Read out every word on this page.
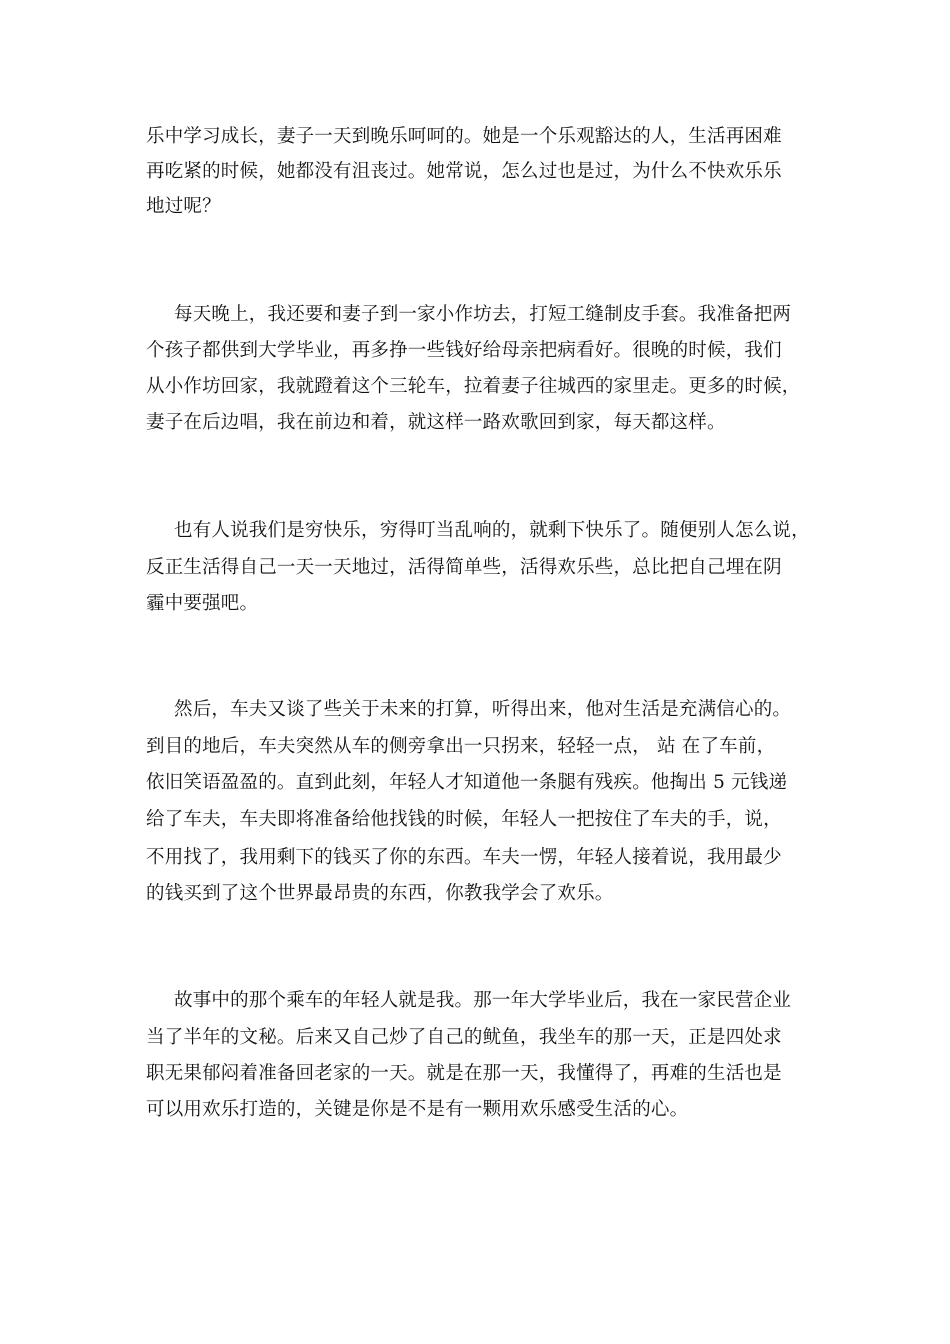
乐中学习成长，妻子一天到晚乐呵呵的。她是一个乐观豁达的人，生活再困难
再吃紧的时候，她都没有沮丧过。她常说，怎么过也是过，为什么不快欢乐乐
地过呢？
每天晚上，我还要和妻子到一家小作坊去，打短工缝制皮手套。我准备把两
个孩子都供到大学毕业，再多挣一些钱好给母亲把病看好。很晚的时候，我们
从小作坊回家，我就蹬着这个三轮车，拉着妻子往城西的家里走。更多的时候，
妻子在后边唱，我在前边和着，就这样一路欢歌回到家，每天都这样。
也有人说我们是穷快乐，穷得叮当乱响的，就剩下快乐了。随便别人怎么说，
反正生活得自己一天一天地过，活得简单些，活得欢乐些，总比把自己埋在阴
霾中要强吧。
然后，车夫又谈了些关于未来的打算，听得出来，他对生活是充满信心的。
到目的地后，车夫突然从车的侧旁拿出一只拐来，轻轻一点， 站 在了车前，
依旧笑语盈盈的。直到此刻，年轻人才知道他一条腿有残疾。他掏出 5 元钱递
给了车夫，车夫即将准备给他找钱的时候，年轻人一把按住了车夫的手，说，
不用找了，我用剩下的钱买了你的东西。车夫一愣，年轻人接着说，我用最少
的钱买到了这个世界最昂贵的东西，你教我学会了欢乐。
故事中的那个乘车的年轻人就是我。那一年大学毕业后，我在一家民营企业
当了半年的文秘。后来又自己炒了自己的鱿鱼，我坐车的那一天，正是四处求
职无果郁闷着准备回老家的一天。就是在那一天，我懂得了，再难的生活也是
可以用欢乐打造的，关键是你是不是有一颗用欢乐感受生活的心。
